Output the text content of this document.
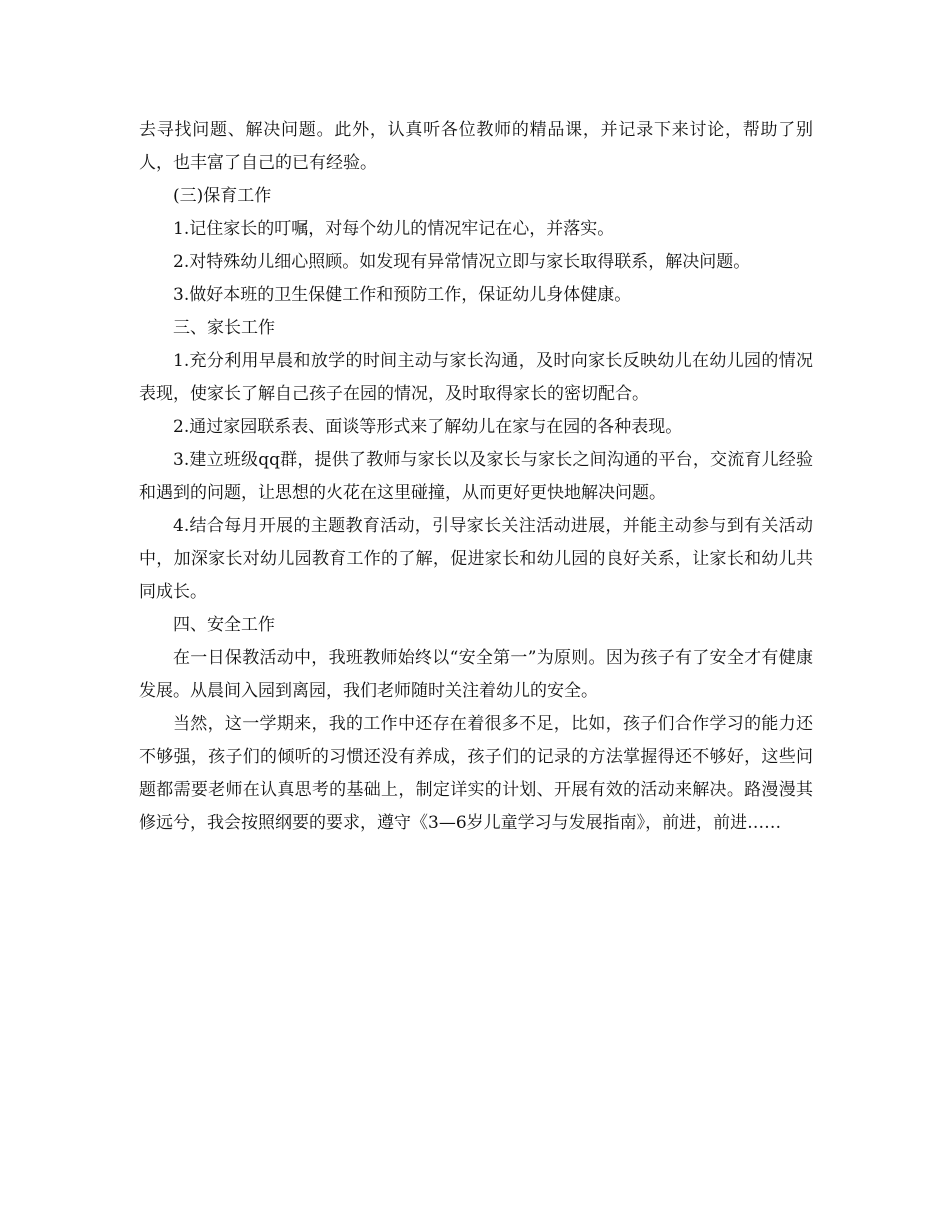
去寻找问题、解决问题。此外，认真听各位教师的精品课，并记录下来讨论，帮助了别人，也丰富了自己的已有经验。

(三)保育工作

1.记住家长的叮嘱，对每个幼儿的情况牢记在心，并落实。

2.对特殊幼儿细心照顾。如发现有异常情况立即与家长取得联系，解决问题。

3.做好本班的卫生保健工作和预防工作，保证幼儿身体健康。

三、家长工作

1.充分利用早晨和放学的时间主动与家长沟通，及时向家长反映幼儿在幼儿园的情况表现，使家长了解自己孩子在园的情况，及时取得家长的密切配合。

2.通过家园联系表、面谈等形式来了解幼儿在家与在园的各种表现。

3.建立班级qq群，提供了教师与家长以及家长与家长之间沟通的平台，交流育儿经验和遇到的问题，让思想的火花在这里碰撞，从而更好更快地解决问题。

4.结合每月开展的主题教育活动，引导家长关注活动进展，并能主动参与到有关活动中，加深家长对幼儿园教育工作的了解，促进家长和幼儿园的良好关系，让家长和幼儿共同成长。

四、安全工作

在一日保教活动中，我班教师始终以“安全第一”为原则。因为孩子有了安全才有健康发展。从晨间入园到离园，我们老师随时关注着幼儿的安全。

当然，这一学期来，我的工作中还存在着很多不足，比如，孩子们合作学习的能力还不够强，孩子们的倾听的习惯还没有养成，孩子们的记录的方法掌握得还不够好，这些问题都需要老师在认真思考的基础上，制定详实的计划、开展有效的活动来解决。路漫漫其修远兮，我会按照纲要的要求，遵守《3—6岁儿童学习与发展指南》，前进，前进……
